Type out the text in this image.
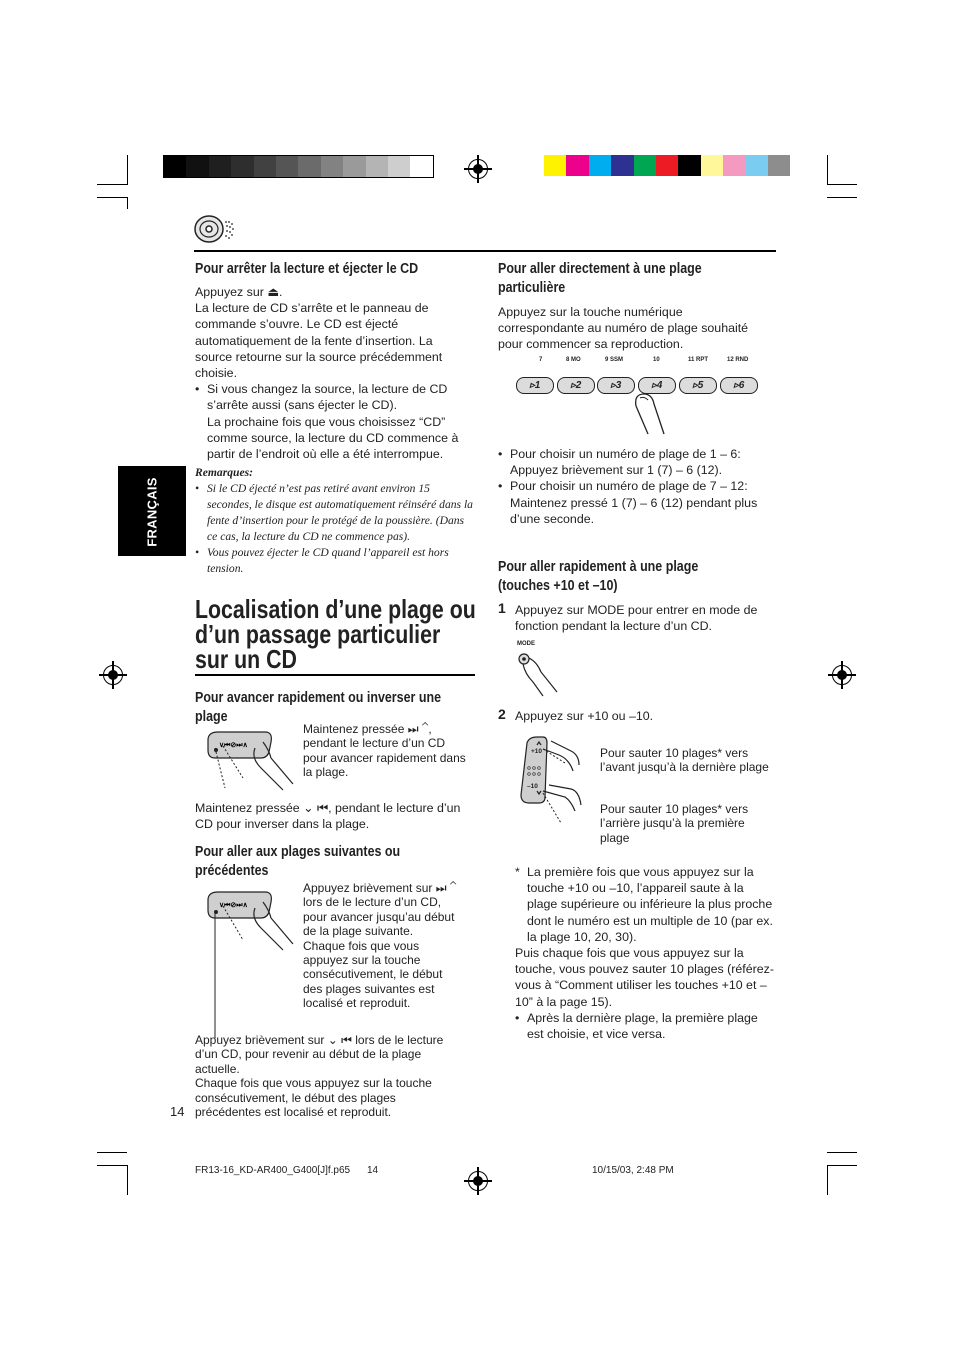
FRANÇAIS
Pour arrêter la lecture et éjecter le CD

Appuyez sur ⏏.

La lecture de CD s’arrête et le panneau de commande s’ouvre. Le CD est éjecté automatiquement de la fente d’insertion. La source retourne sur la source précédemment choisie.

• Si vous changez la source, la lecture de CD s’arrête aussi (sans éjecter le CD).
La prochaine fois que vous choisissez “CD” comme source, la lecture du CD commence à partir de l’endroit où elle a été interrompue.
Remarques:
• Si le CD éjecté n’est pas retiré avant environ 15 secondes, le disque est automatiquement réinséré dans la fente d’insertion pour le protégé de la poussière. (Dans ce cas, la lecture du CD ne commence pas).
• Vous pouvez éjecter le CD quand l’appareil est hors tension.
Localisation d’une plage ou d’un passage particulier sur un CD
Pour avancer rapidement ou inverser une plage
∨⏮⊘⏭∧
Maintenez pressée ⏭ ⌃, pendant le lecture d’un CD pour avancer rapidement dans la plage.
Maintenez pressée ⌄ ⏮, pendant le lecture d’un CD pour inverser dans la plage.
Pour aller aux plages suivantes ou précédentes
∨⏮⊘⏭∧

Appuyez brièvement sur ⏭ ⌃ lors de le lecture d’un CD, pour avancer jusqu’au début de la plage suivante.

Chaque fois que vous appuyez sur la touche consécutivement, le début des plages suivantes est localisé et reproduit.

Appuyez brièvement sur ⌄ ⏮ lors de le lecture d’un CD, pour revenir au début de la plage actuelle.

Chaque fois que vous appuyez sur la touche consécutivement, le début des plages précédentes est localisé et reproduit.

14
Pour aller directement à une plage particulière
Appuyez sur la touche numérique correspondante au numéro de plage souhaité pour commencer sa reproduction.
▹1	▹2	▹3	▹4	▹5	▹6
7	8 MO	9 SSM	10	11 RPT	12 RND
• Pour choisir un numéro de plage de 1 – 6: Appuyez brièvement sur 1 (7) – 6 (12).
• Pour choisir un numéro de plage de 7 – 12: Maintenez pressé 1 (7) – 6 (12) pendant plus d’une seconde.
Pour aller rapidement à une plage (touches +10 et –10)
1 Appuyez sur MODE pour entrer en mode de fonction pendant la lecture d’un CD.
MODE
2 Appuyez sur +10 ou –10.
+10
–10
Pour sauter 10 plages* vers l’avant jusqu’à la dernière plage
Pour sauter 10 plages* vers l’arrière jusqu’à la première plage
* La première fois que vous appuyez sur la touche +10 ou –10, l’appareil saute à la plage supérieure ou inférieure la plus proche dont le numéro est un multiple de 10 (par ex. la plage 10, 20, 30).

Puis chaque fois que vous appuyez sur la touche, vous pouvez sauter 10 plages (référez-vous à “Comment utiliser les touches +10 et –10” à la page 15).

• Après la dernière plage, la première plage est choisie, et vice versa.
FR13-16_KD-AR400_G400[J]f.p65 14	10/15/03, 2:48 PM
